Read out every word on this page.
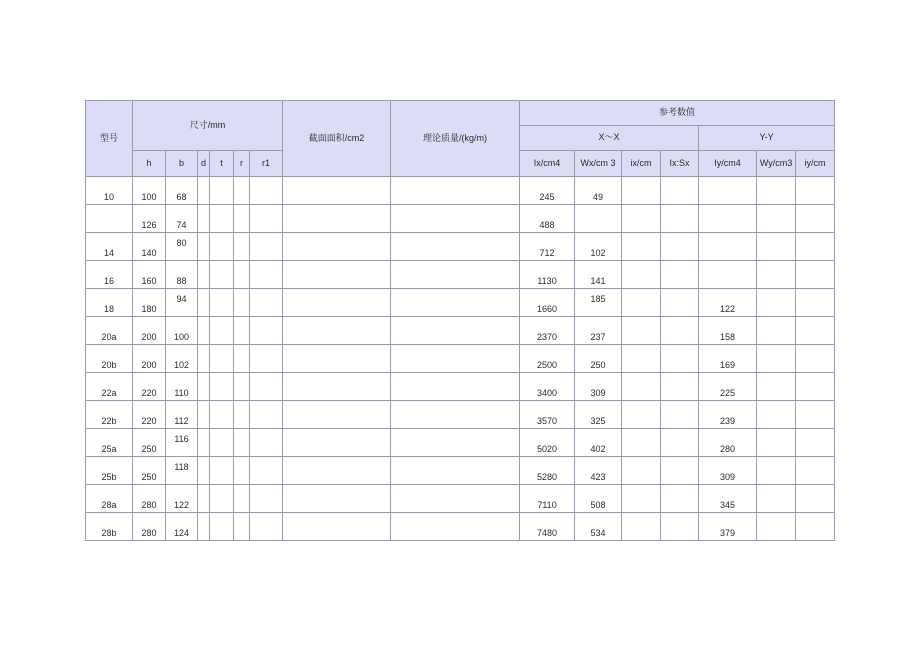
型号	尺寸/mm						截面面积/cm2	理论质量/(kg/m)	参考数值						
									X～X				Y-Y		
	h	b	d	t	r	r1			Ix/cm4	Wx/cm 3	ix/cm	Ix:Sx	Iy/cm4	Wy/cm3	iy/cm
10	100	68							245	49					
	126	74							488						
14	140	80							712	102					
16	160	88							1130	141					
18	180	94							1660	185			122		
20a	200	100							2370	237			158		
20b	200	102							2500	250			169		
22a	220	110							3400	309			225		
22b	220	112							3570	325			239		
25a	250	116							5020	402			280		
25b	250	118							5280	423			309		
28a	280	122							7110	508			345		
28b	280	124							7480	534			379		
